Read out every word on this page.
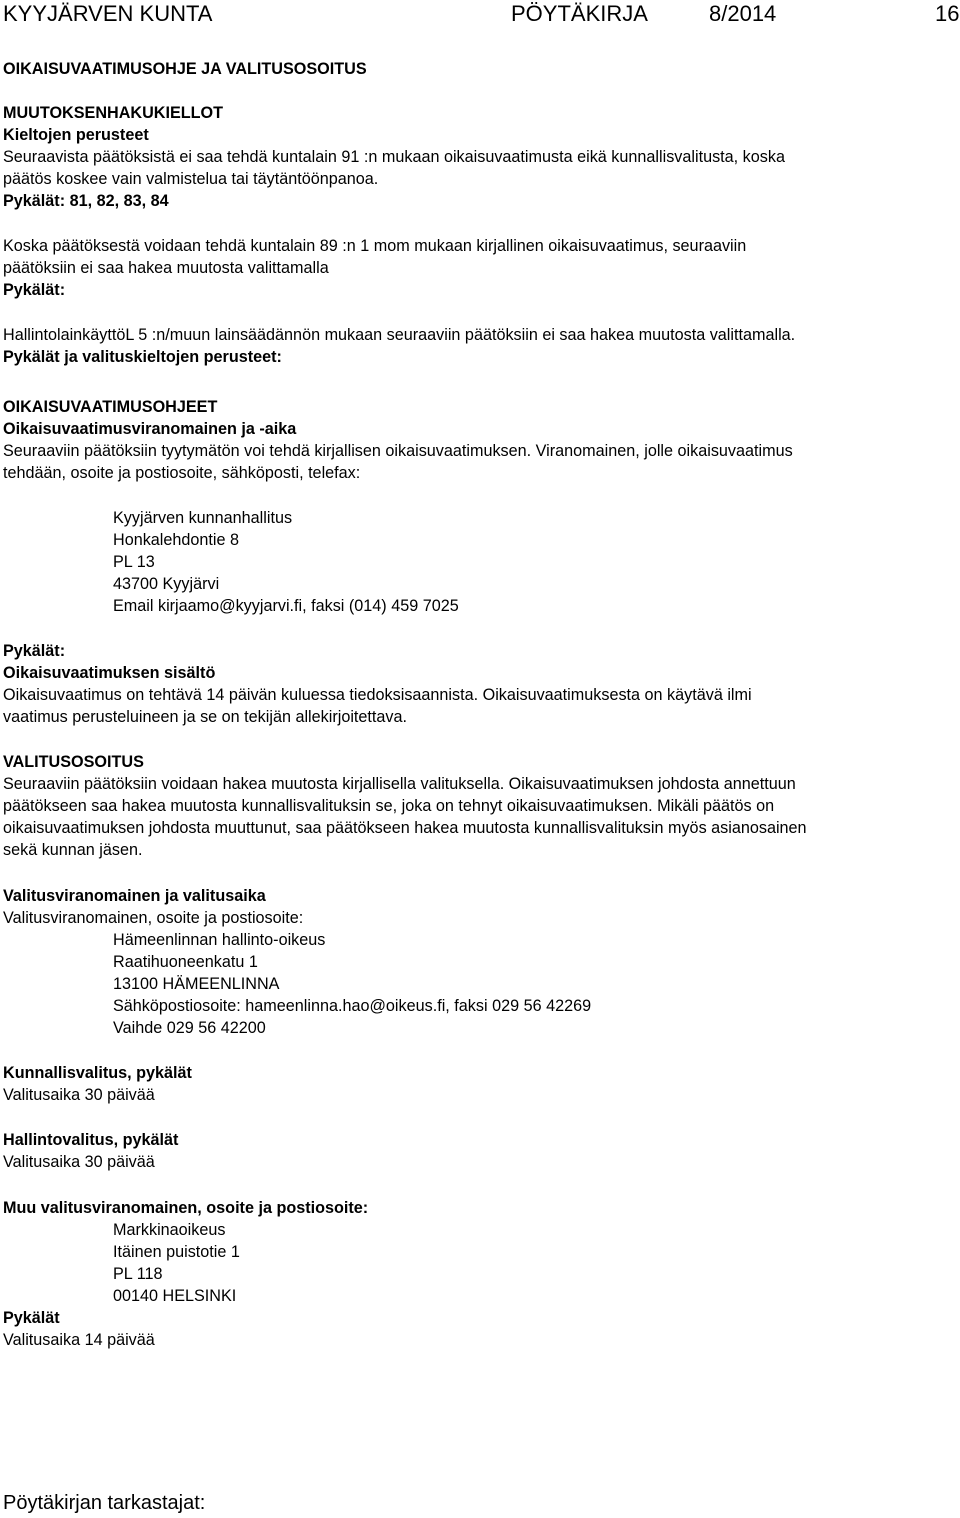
KYYJÄRVEN KUNTA	PÖYTÄKIRJA	8/2014	16
OIKAISUVAATIMUSOHJE JA VALITUSOSOITUS
MUUTOKSENHAKUKIELLOT
Kieltojen perusteet
Seuraavista päätöksistä ei saa tehdä kuntalain 91 :n mukaan oikaisuvaatimusta eikä kunnallisvalitusta, koska
päätös koskee vain valmistelua tai täytäntöönpanoa.
Pykälät: 81, 82, 83, 84
Koska päätöksestä voidaan tehdä kuntalain 89 :n 1 mom mukaan kirjallinen oikaisuvaatimus, seuraaviin
päätöksiin ei saa hakea muutosta valittamalla
Pykälät:
HallintolainkäyttöL 5 :n/muun lainsäädännön mukaan seuraaviin päätöksiin ei saa hakea muutosta valittamalla.
Pykälät ja valituskieltojen perusteet:
OIKAISUVAATIMUSOHJEET
Oikaisuvaatimusviranomainen ja -aika
Seuraaviin päätöksiin tyytymätön voi tehdä kirjallisen oikaisuvaatimuksen. Viranomainen, jolle oikaisuvaatimus
tehdään, osoite ja postiosoite, sähköposti, telefax:
Kyyjärven kunnanhallitus
Honkalehdontie 8
PL 13
43700 Kyyjärvi
Email kirjaamo@kyyjarvi.fi, faksi (014) 459 7025
Pykälät:
Oikaisuvaatimuksen sisältö
Oikaisuvaatimus on tehtävä 14 päivän kuluessa tiedoksisaannista. Oikaisuvaatimuksesta on käytävä ilmi
vaatimus perusteluineen ja se on tekijän allekirjoitettava.
VALITUSOSOITUS
Seuraaviin päätöksiin voidaan hakea muutosta kirjallisella valituksella. Oikaisuvaatimuksen johdosta annettuun
päätökseen saa hakea muutosta kunnallisvalituksin se, joka on tehnyt oikaisuvaatimuksen. Mikäli päätös on
oikaisuvaatimuksen johdosta muuttunut, saa päätökseen hakea muutosta kunnallisvalituksin myös asianosainen
sekä kunnan jäsen.
Valitusviranomainen ja valitusaika
Valitusviranomainen, osoite ja postiosoite:
Hämeenlinnan hallinto-oikeus
Raatihuoneenkatu 1
13100 HÄMEENLINNA
Sähköpostiosoite: hameenlinna.hao@oikeus.fi, faksi 029 56 42269
Vaihde 029 56 42200
Kunnallisvalitus, pykälät
Valitusaika 30 päivää
Hallintovalitus, pykälät
Valitusaika 30 päivää
Muu valitusviranomainen, osoite ja postiosoite:
Markkinaoikeus
Itäinen puistotie 1
PL 118
00140 HELSINKI
Pykälät
Valitusaika 14 päivää
Pöytäkirjan tarkastajat:
